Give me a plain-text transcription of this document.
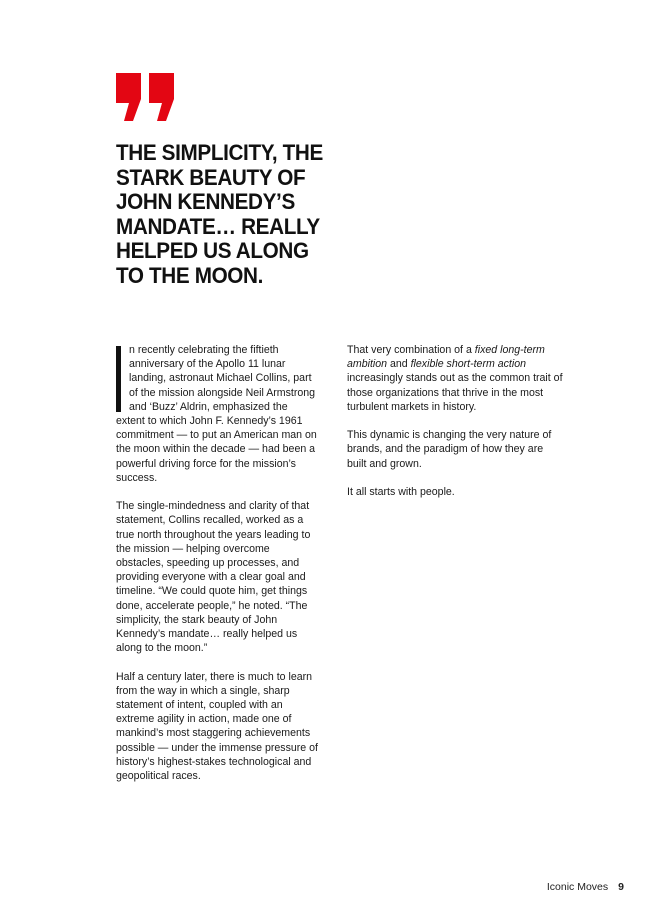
THE SIMPLICITY, THE STARK BEAUTY OF JOHN KENNEDY’S MANDATE… REALLY HELPED US ALONG TO THE MOON.
n recently celebrating the fiftieth anniversary of the Apollo 11 lunar landing, astronaut Michael Collins, part of the mission alongside Neil Armstrong and ‘Buzz’ Aldrin, emphasized the

extent to which John F. Kennedy’s 1961 commitment — to put an American man on the moon within the decade — had been a powerful driving force for the mission’s success.

The single-mindedness and clarity of that statement, Collins recalled, worked as a true north throughout the years leading to the mission — helping overcome obstacles, speeding up processes, and providing everyone with a clear goal and timeline. “We could quote him, get things done, accelerate people,” he noted. “The simplicity, the stark beauty of John Kennedy’s mandate… really helped us along to the moon.”

Half a century later, there is much to learn from the way in which a single, sharp statement of intent, coupled with an extreme agility in action, made one of mankind’s most staggering achievements possible — under the immense pressure of history’s highest-stakes technological and geopolitical races.

That very combination of a fixed long-term ambition and flexible short-term action increasingly stands out as the common trait of those organizations that thrive in the most turbulent markets in history.

This dynamic is changing the very nature of brands, and the paradigm of how they are built and grown.

It all starts with people.

Iconic Moves 9
